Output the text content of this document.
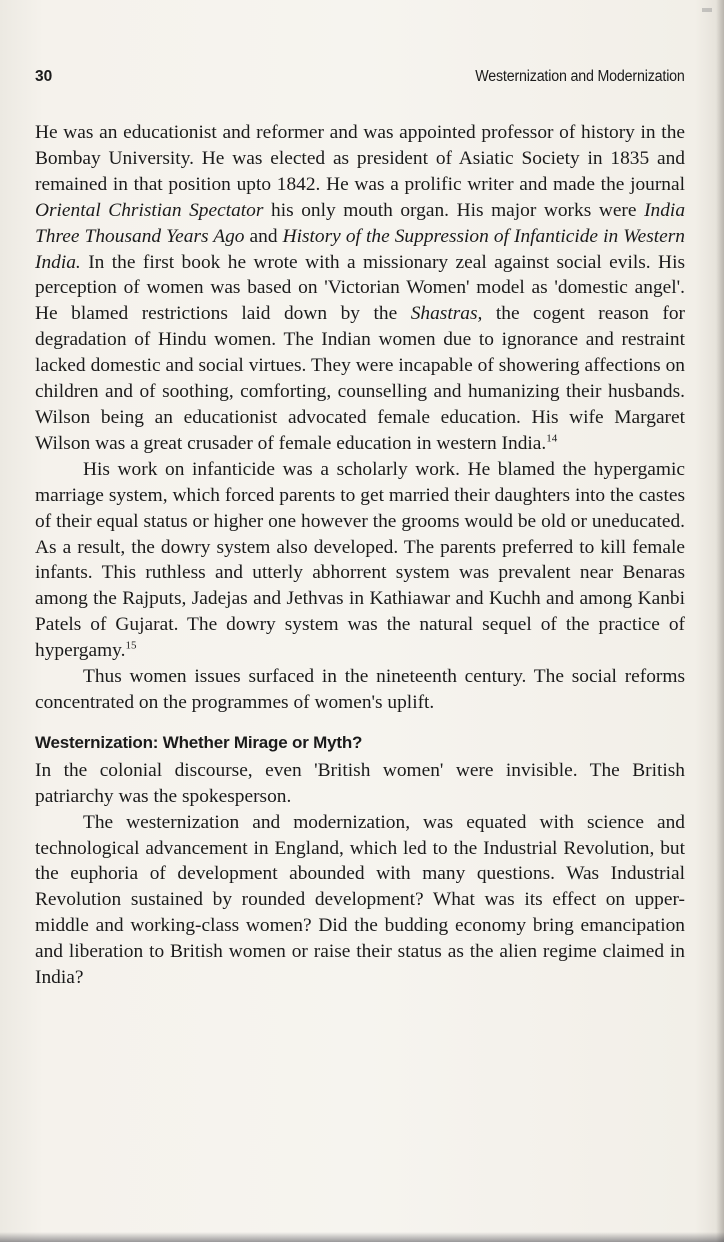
30	Westernization and Modernization

He was an educationist and reformer and was appointed professor of history in the Bombay University. He was elected as president of Asiatic Society in 1835 and remained in that position upto 1842. He was a prolific writer and made the journal Oriental Christian Spectator his only mouth organ. His major works were India Three Thousand Years Ago and History of the Suppression of Infanticide in Western India. In the first book he wrote with a missionary zeal against social evils. His perception of women was based on 'Victorian Women' model as 'domestic angel'. He blamed restrictions laid down by the Shastras, the cogent reason for degradation of Hindu women. The Indian women due to ignorance and restraint lacked domestic and social virtues. They were incapable of showering affections on children and of soothing, comforting, counselling and humanizing their husbands. Wilson being an educationist advocated female education. His wife Margaret Wilson was a great crusader of female education in western India.$^{14}$

His work on infanticide was a scholarly work. He blamed the hypergamic marriage system, which forced parents to get married their daughters into the castes of their equal status or higher one however the grooms would be old or uneducated. As a result, the dowry system also developed. The parents preferred to kill female infants. This ruthless and utterly abhorrent system was prevalent near Benaras among the Rajputs, Jadejas and Jethvas in Kathiawar and Kuchh and among Kanbi Patels of Gujarat. The dowry system was the natural sequel of the practice of hypergamy.$^{15}$

Thus women issues surfaced in the nineteenth century. The social reforms concentrated on the programmes of women's uplift.

Westernization: Whether Mirage or Myth?

In the colonial discourse, even 'British women' were invisible. The British patriarchy was the spokesperson.

The westernization and modernization, was equated with science and technological advancement in England, which led to the Industrial Revolution, but the euphoria of development abounded with many questions. Was Industrial Revolution sustained by rounded development? What was its effect on upper-middle and working-class women? Did the budding economy bring emancipation and liberation to British women or raise their status as the alien regime claimed in India?
